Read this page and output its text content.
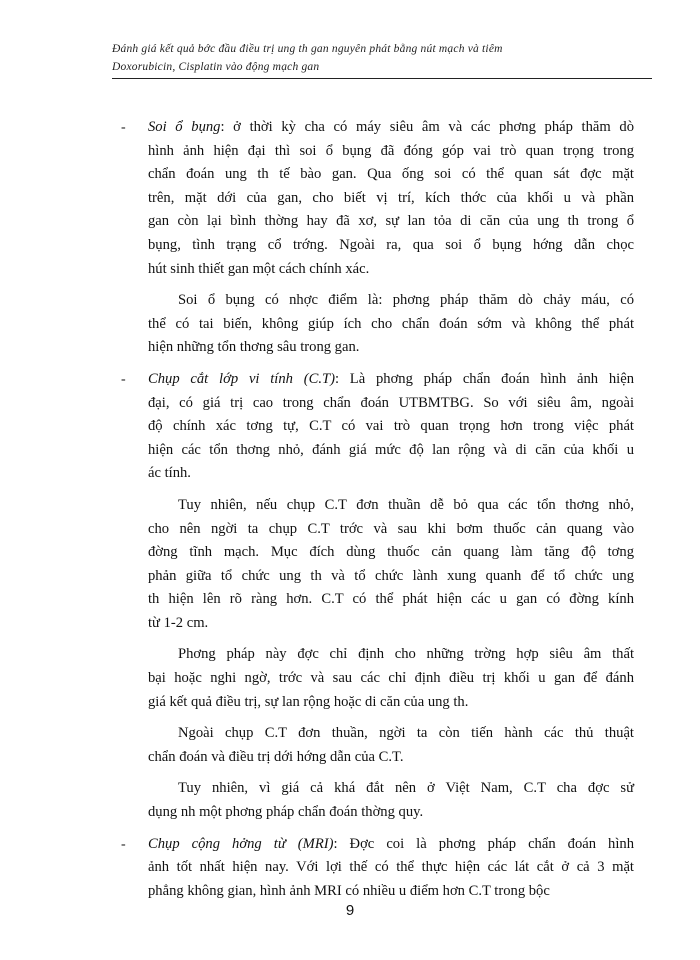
Đánh giá kết quả bớc đầu điều trị ung th gan nguyên phát bằng nút mạch và tiêm
Doxorubicin, Cisplatin vào động mạch gan
- Soi ổ bụng: ở thời kỳ cha có máy siêu âm và các phơng pháp thăm dò
hình ảnh hiện đại thì soi ổ bụng đã đóng góp vai trò quan trọng trong
chẩn đoán ung th tế bào gan. Qua ống soi có thể quan sát đợc mặt
trên, mặt dới của gan, cho biết vị trí, kích thớc của khối u và phần
gan còn lại bình thờng hay đã xơ, sự lan tỏa di căn của ung th trong ổ
bụng, tình trạng cổ trớng. Ngoài ra, qua soi ổ bụng hớng dẫn chọc
hút sinh thiết gan một cách chính xác.
Soi ổ bụng có nhợc điểm là: phơng pháp thăm dò chảy máu, có
thể có tai biến, không giúp ích cho chẩn đoán sớm và không thể phát
hiện những tổn thơng sâu trong gan.
- Chụp cắt lớp vi tính (C.T): Là phơng pháp chẩn đoán hình ảnh hiện
đại, có giá trị cao trong chẩn đoán UTBMTBG. So với siêu âm, ngoài
độ chính xác tơng tự, C.T có vai trò quan trọng hơn trong việc phát
hiện các tổn thơng nhỏ, đánh giá mức độ lan rộng và di căn của khối u
ác tính.
Tuy nhiên, nếu chụp C.T đơn thuần dễ bỏ qua các tổn thơng nhỏ,
cho nên ngời ta chụp C.T trớc và sau khi bơm thuốc cản quang vào
đờng tĩnh mạch. Mục đích dùng thuốc cản quang làm tăng độ tơng
phản giữa tổ chức ung th và tổ chức lành xung quanh để tổ chức ung
th hiện lên rõ ràng hơn. C.T có thể phát hiện các u gan có đờng kính
từ 1-2 cm.
Phơng pháp này đợc chỉ định cho những trờng hợp siêu âm thất
bại hoặc nghi ngờ, trớc và sau các chỉ định điều trị khối u gan để đánh
giá kết quả điều trị, sự lan rộng hoặc di căn của ung th.
Ngoài chụp C.T đơn thuần, ngời ta còn tiến hành các thủ thuật
chẩn đoán và điều trị dới hớng dẫn của C.T.
Tuy nhiên, vì giá cả khá đắt nên ở Việt Nam, C.T cha đợc sử
dụng nh một phơng pháp chẩn đoán thờng quy.
- Chụp cộng hởng từ (MRI): Đợc coi là phơng pháp chẩn đoán hình
ảnh tốt nhất hiện nay. Với lợi thế có thể thực hiện các lát cắt ở cả 3 mặt
phẳng không gian, hình ảnh MRI có nhiều u điểm hơn C.T trong bộc
9
